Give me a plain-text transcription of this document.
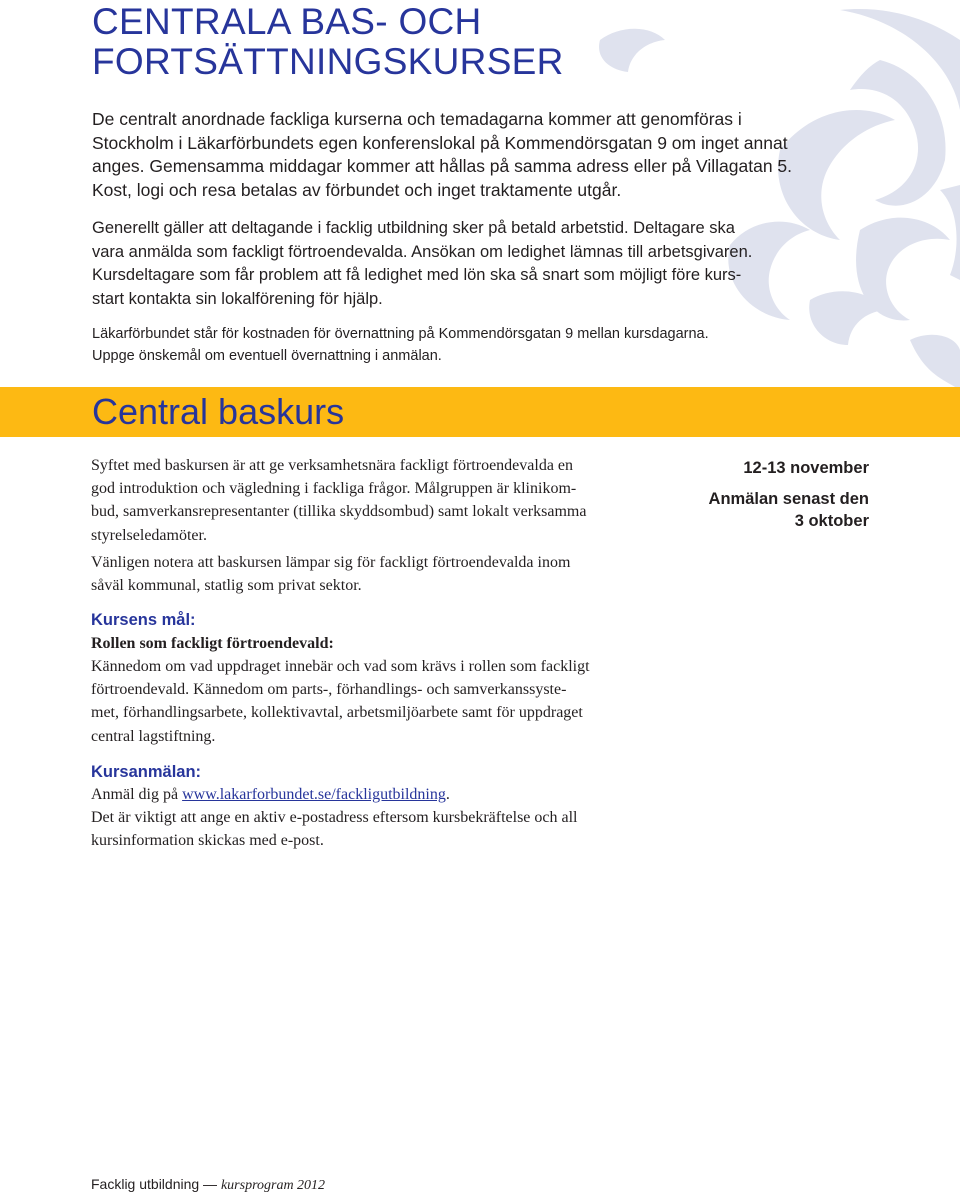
CENTRALA BAS- OCH
FORTSÄTTNINGSKURSER

De centralt anordnade fackliga kurserna och temadagarna kommer att genomföras i
Stockholm i Läkarförbundets egen konferenslokal på Kommendörsgatan 9 om inget annat
anges. Gemensamma middagar kommer att hållas på samma adress eller på Villagatan 5.
Kost, logi och resa betalas av förbundet och inget traktamente utgår.

Generellt gäller att deltagande i facklig utbildning sker på betald arbetstid. Deltagare ska
vara anmälda som fackligt förtroendevalda. Ansökan om ledighet lämnas till arbetsgivaren.
Kursdeltagare som får problem att få ledighet med lön ska så snart som möjligt före kurs-
start kontakta sin lokalförening för hjälp.

Läkarförbundet står för kostnaden för övernattning på Kommendörsgatan 9 mellan kursdagarna.
Uppge önskemål om eventuell övernattning i anmälan.

Central baskurs

Syftet med baskursen är att ge verksamhetsnära fackligt förtroendevalda en
god introduktion och vägledning i fackliga frågor. Målgruppen är klinikom-
bud, samverkansrepresentanter (tillika skyddsombud) samt lokalt verksamma
styrelseledamöter.

Vänligen notera att baskursen lämpar sig för fackligt förtroendevalda inom
såväl kommunal, statlig som privat sektor.

Kursens mål:
Rollen som fackligt förtroendevald:

Kännedom om vad uppdraget innebär och vad som krävs i rollen som fackligt
förtroendevald. Kännedom om parts-, förhandlings- och samverkanssyste-
met, förhandlingsarbete, kollektivavtal, arbetsmiljöarbete samt för uppdraget
central lagstiftning.

Kursanmälan:

Anmäl dig på www.lakarforbundet.se/fackligutbildning.
Det är viktigt att ange en aktiv e-postadress eftersom kursbekräftelse och all
kursinformation skickas med e-post.

12-13 november
Anmälan senast den
3 oktober
Facklig utbildning — kursprogram 2012
